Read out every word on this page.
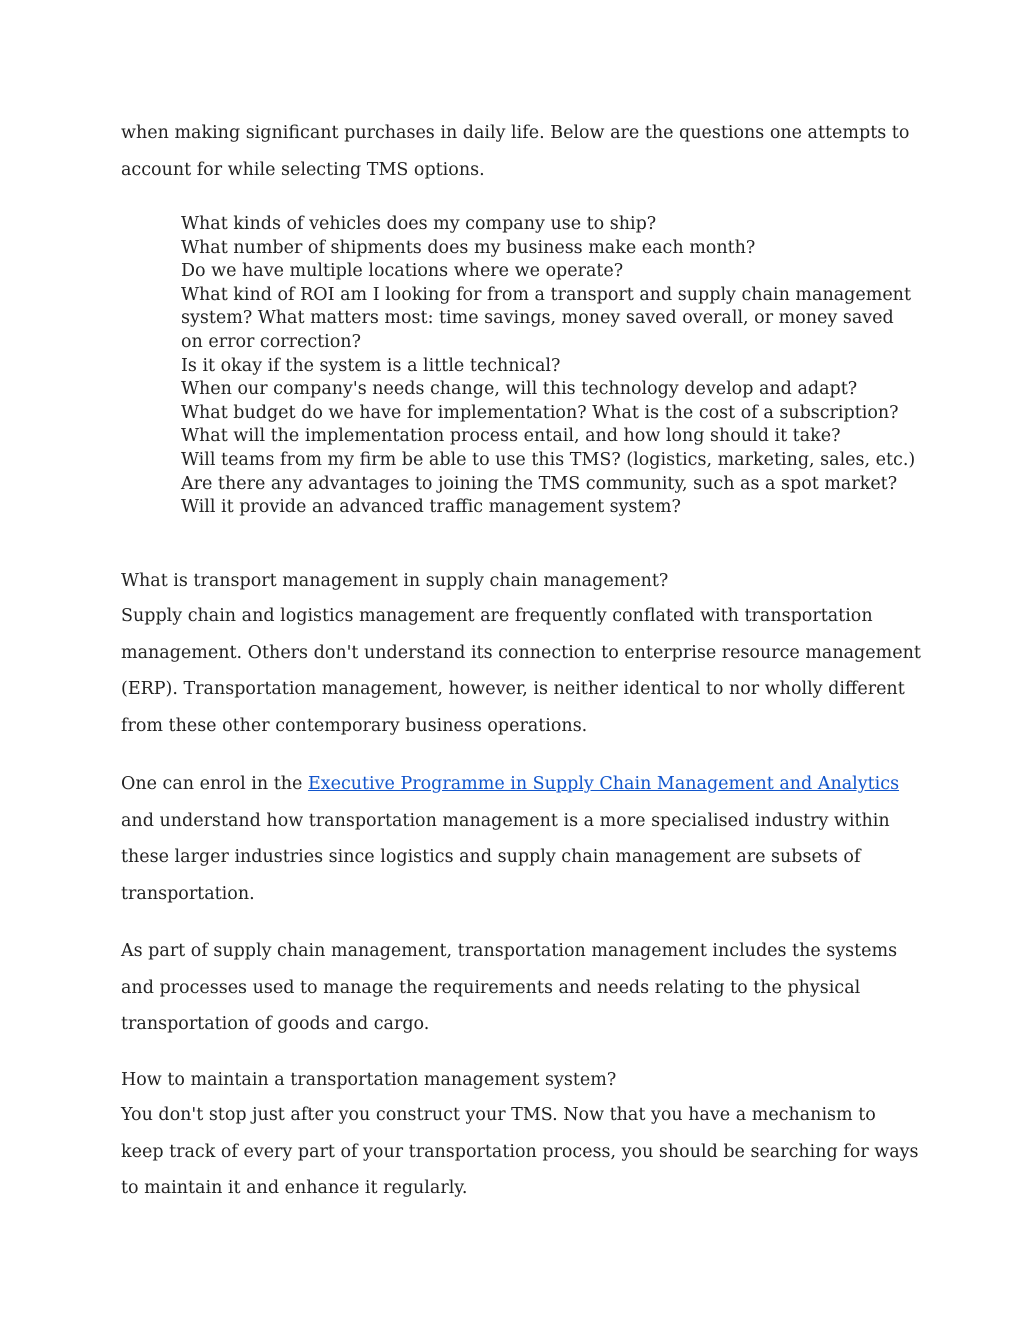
when making significant purchases in daily life. Below are the questions one attempts to account for while selecting TMS options.

What kinds of vehicles does my company use to ship?
What number of shipments does my business make each month?
Do we have multiple locations where we operate?
What kind of ROI am I looking for from a transport and supply chain management system? What matters most: time savings, money saved overall, or money saved on error correction?
Is it okay if the system is a little technical?
When our company's needs change, will this technology develop and adapt?
What budget do we have for implementation? What is the cost of a subscription?
What will the implementation process entail, and how long should it take?
Will teams from my firm be able to use this TMS? (logistics, marketing, sales, etc.)
Are there any advantages to joining the TMS community, such as a spot market?
Will it provide an advanced traffic management system?

What is transport management in supply chain management?

Supply chain and logistics management are frequently conflated with transportation management. Others don't understand its connection to enterprise resource management (ERP). Transportation management, however, is neither identical to nor wholly different from these other contemporary business operations.

One can enrol in the Executive Programme in Supply Chain Management and Analytics and understand how transportation management is a more specialised industry within these larger industries since logistics and supply chain management are subsets of transportation.

As part of supply chain management, transportation management includes the systems and processes used to manage the requirements and needs relating to the physical transportation of goods and cargo.

How to maintain a transportation management system?

You don't stop just after you construct your TMS. Now that you have a mechanism to keep track of every part of your transportation process, you should be searching for ways to maintain it and enhance it regularly.
